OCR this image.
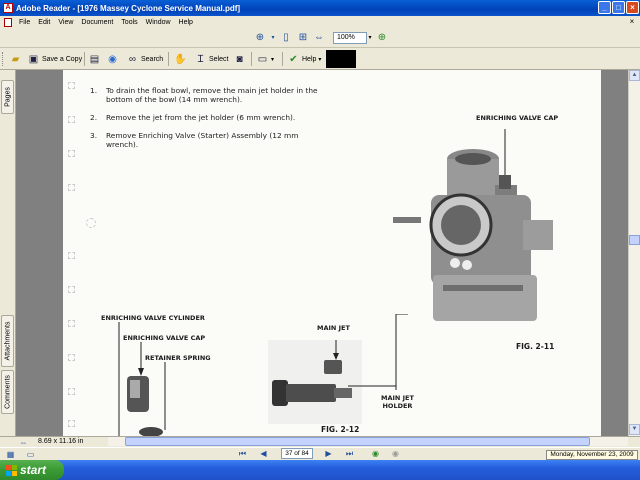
A Adobe Reader - [1976 Massey Cyclone Service Manual.pdf]	_	□	×
File	Edit	View	Document	Tools	Window	Help	×
⊕	▾ ▯	⊞ ⇔	100%	▾ ⊕
▰ ▣ Save a Copy ▤ ◉ ∞ Search ✋	Ɪ Select ◙	▭ ▾ ✔ Help ▾
Pages
Attachments
Comments
1. To drain the float bowl, remove the main jet holder in the bottom of the bowl (14 mm wrench).
2. Remove the jet from the jet holder (6 mm wrench).
3. Remove Enriching Valve (Starter) Assembly (12 mm wrench).
ENRICHING VALVE CAP
FIG. 2-11
ENRICHING VALVE CYLINDER
ENRICHING VALVE CAP
RETAINER SPRING
MAIN JET
MAIN JET
HOLDER
FIG. 2-12
▲
▼
⇔ 8.69 x 11.16 in
▦ ▭	⏮	◀	37 of 84	▶	⏭ ◉ ◉	Monday, November 23, 2009
start
